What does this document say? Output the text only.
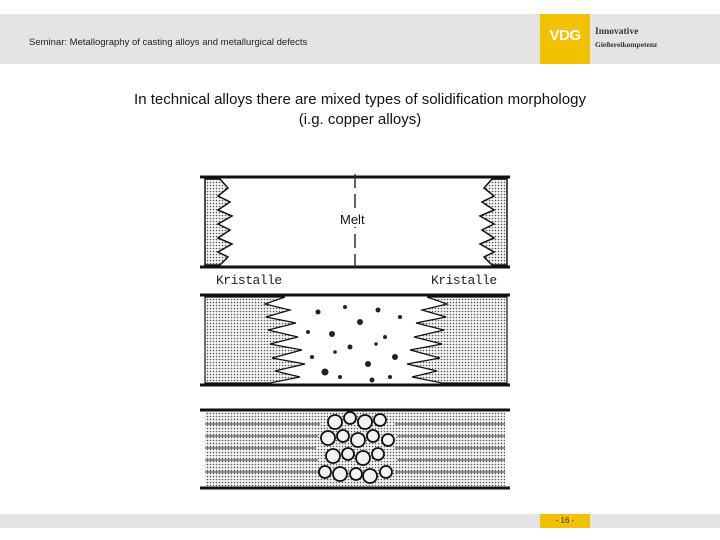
Seminar: Metallography of casting alloys and metallurgical defects	VDG	Innovative
Gießereikompetenz
In technical alloys there are mixed types of solidification morphology
(i.g. copper alloys)
Melt
Kristalle	Kristalle
- 16 -
